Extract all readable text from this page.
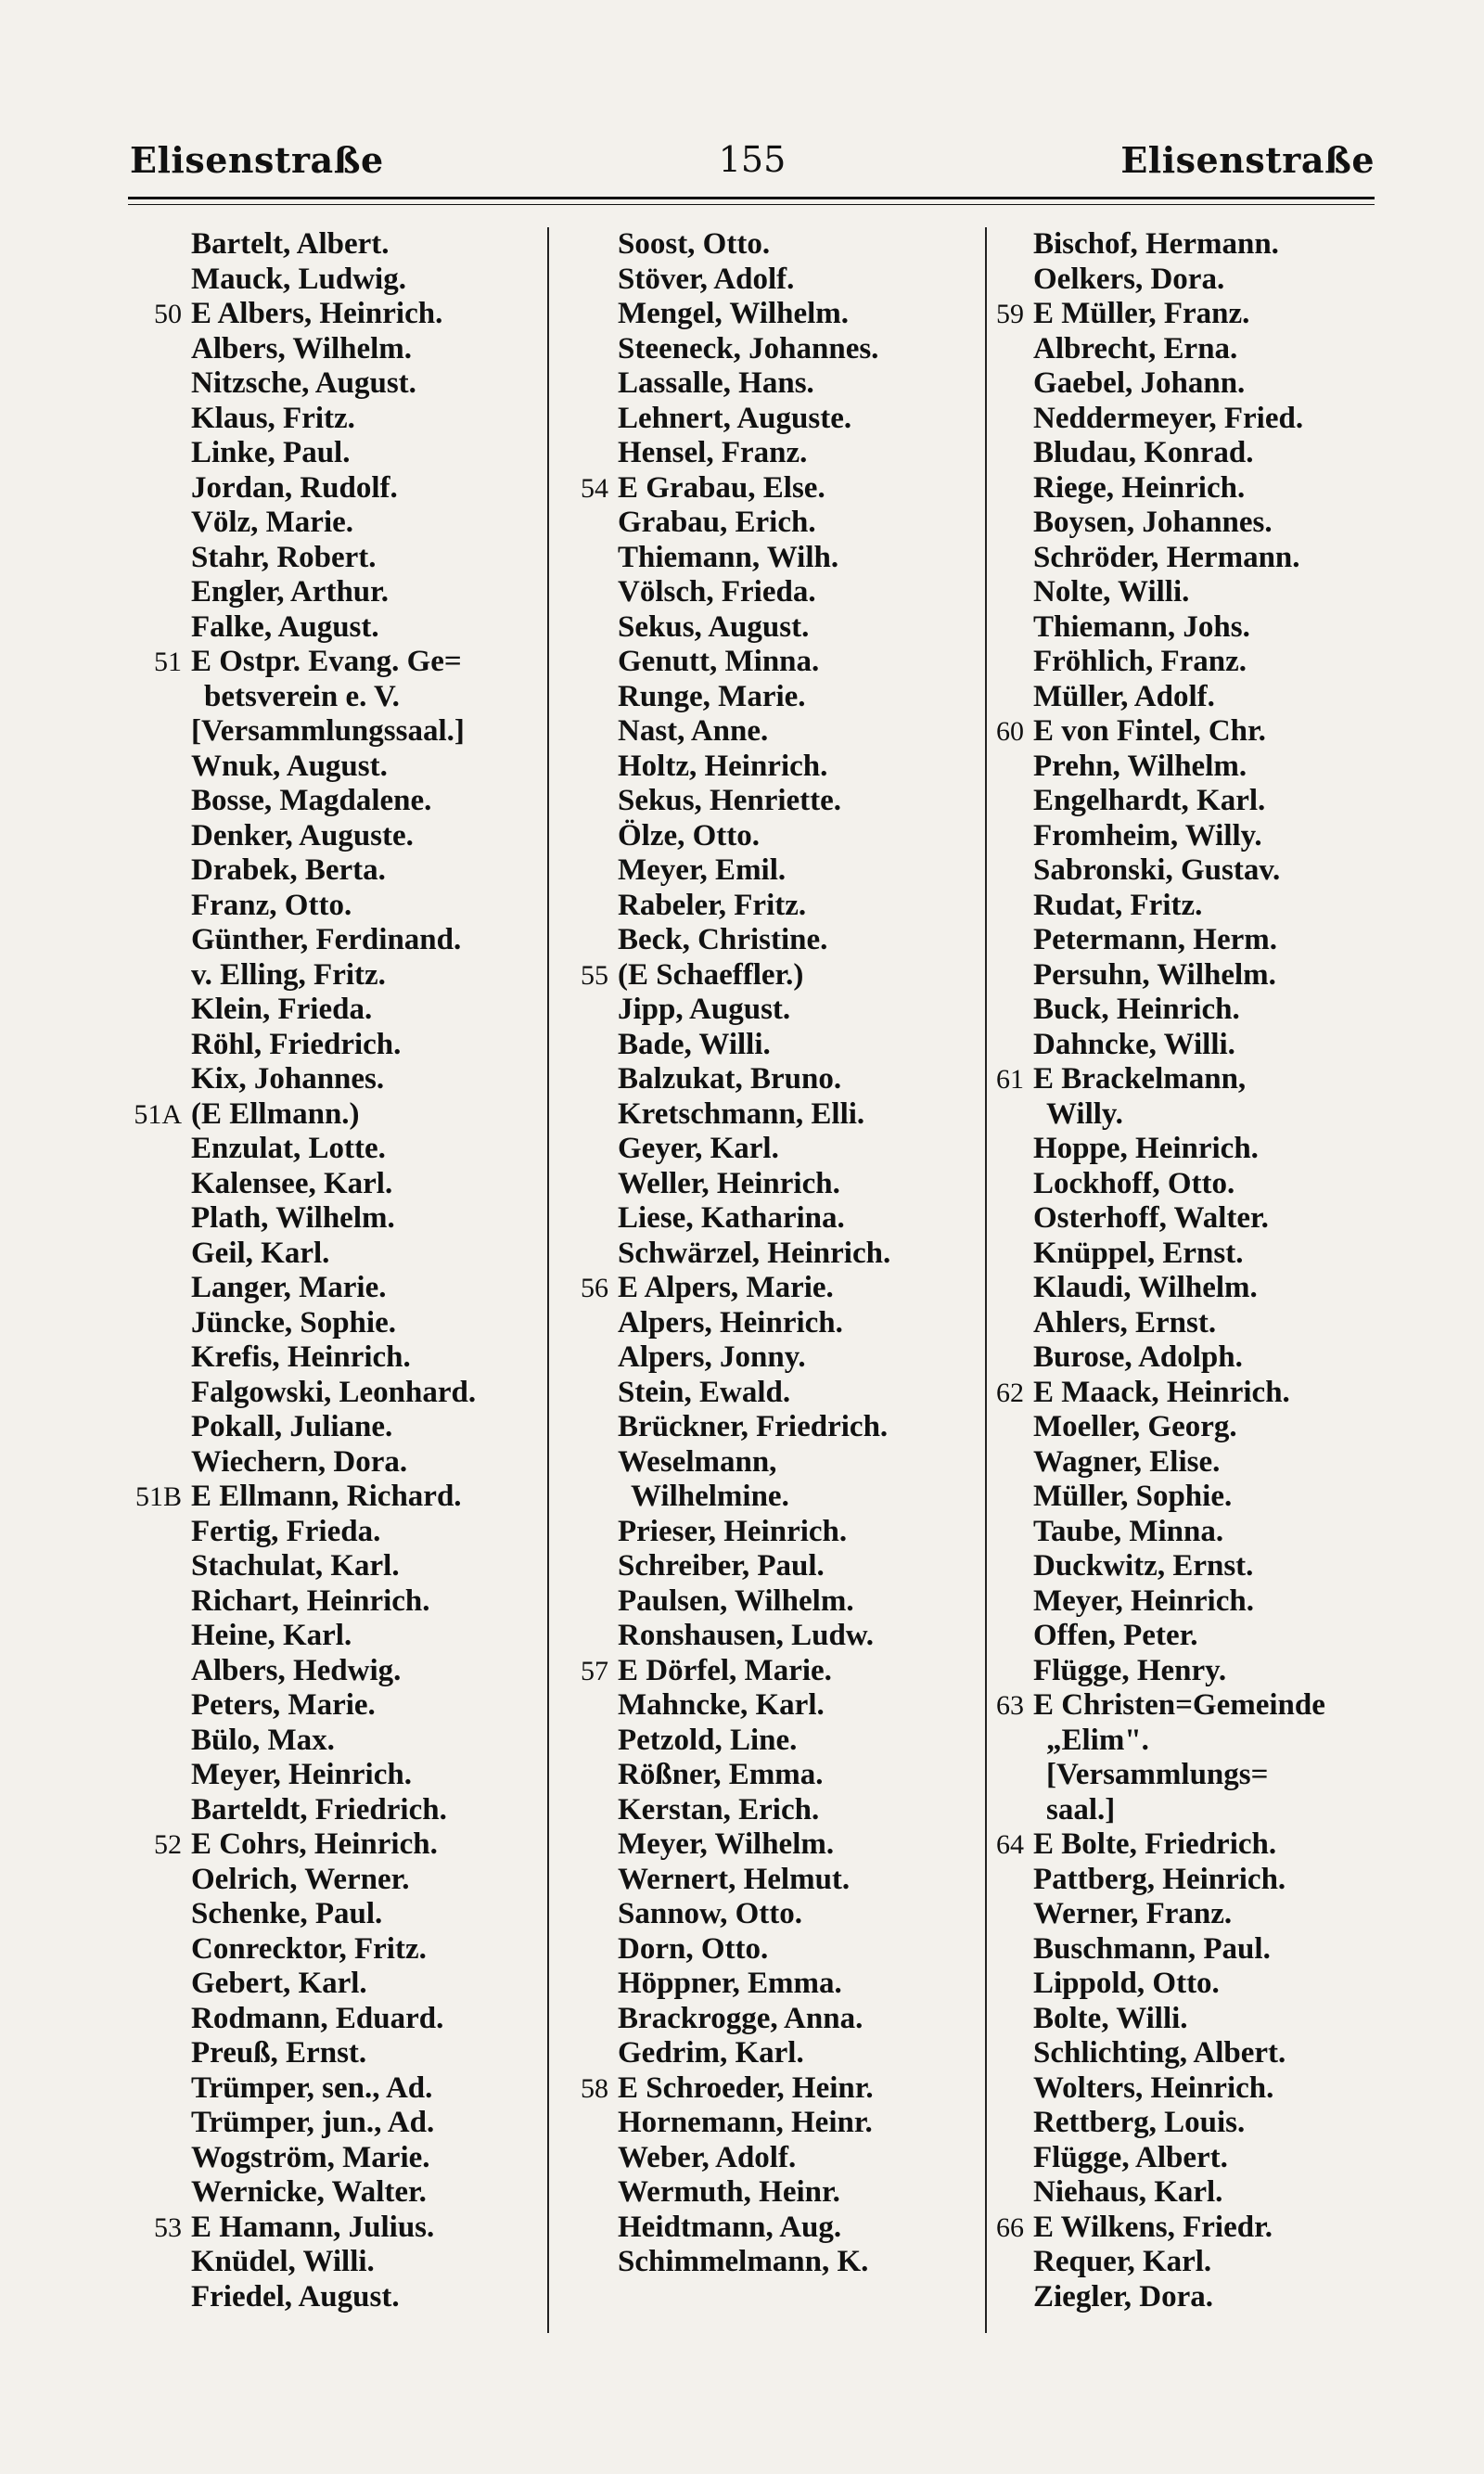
Elisenstraße	155	Elisenstraße
Bartelt, Albert.
Mauck, Ludwig.
50 E Albers, Heinrich.
Albers, Wilhelm.
Nitzsche, August.
Klaus, Fritz.
Linke, Paul.
Jordan, Rudolf.
Völz, Marie.
Stahr, Robert.
Engler, Arthur.
Falke, August.
51 E Ostpr. Evang. Ge=
betsverein e. V.
[Versammlungssaal.]
Wnuk, August.
Bosse, Magdalene.
Denker, Auguste.
Drabek, Berta.
Franz, Otto.
Günther, Ferdinand.
v. Elling, Fritz.
Klein, Frieda.
Röhl, Friedrich.
Kix, Johannes.
51A (E Ellmann.)
Enzulat, Lotte.
Kalensee, Karl.
Plath, Wilhelm.
Geil, Karl.
Langer, Marie.
Jüncke, Sophie.
Krefis, Heinrich.
Falgowski, Leonhard.
Pokall, Juliane.
Wiechern, Dora.
51B E Ellmann, Richard.
Fertig, Frieda.
Stachulat, Karl.
Richart, Heinrich.
Heine, Karl.
Albers, Hedwig.
Peters, Marie.
Bülo, Max.
Meyer, Heinrich.
Barteldt, Friedrich.
52 E Cohrs, Heinrich.
Oelrich, Werner.
Schenke, Paul.
Conrecktor, Fritz.
Gebert, Karl.
Rodmann, Eduard.
Preuß, Ernst.
Trümper, sen., Ad.
Trümper, jun., Ad.
Wogström, Marie.
Wernicke, Walter.
53 E Hamann, Julius.
Knüdel, Willi.
Friedel, August.
Soost, Otto.
Stöver, Adolf.
Mengel, Wilhelm.
Steeneck, Johannes.
Lassalle, Hans.
Lehnert, Auguste.
Hensel, Franz.
54 E Grabau, Else.
Grabau, Erich.
Thiemann, Wilh.
Völsch, Frieda.
Sekus, August.
Genutt, Minna.
Runge, Marie.
Nast, Anne.
Holtz, Heinrich.
Sekus, Henriette.
Ölze, Otto.
Meyer, Emil.
Rabeler, Fritz.
Beck, Christine.
55 (E Schaeffler.)
Jipp, August.
Bade, Willi.
Balzukat, Bruno.
Kretschmann, Elli.
Geyer, Karl.
Weller, Heinrich.
Liese, Katharina.
Schwärzel, Heinrich.
56 E Alpers, Marie.
Alpers, Heinrich.
Alpers, Jonny.
Stein, Ewald.
Brückner, Friedrich.
Weselmann,
Wilhelmine.
Prieser, Heinrich.
Schreiber, Paul.
Paulsen, Wilhelm.
Ronshausen, Ludw.
57 E Dörfel, Marie.
Mahncke, Karl.
Petzold, Line.
Rößner, Emma.
Kerstan, Erich.
Meyer, Wilhelm.
Wernert, Helmut.
Sannow, Otto.
Dorn, Otto.
Höppner, Emma.
Brackrogge, Anna.
Gedrim, Karl.
58 E Schroeder, Heinr.
Hornemann, Heinr.
Weber, Adolf.
Wermuth, Heinr.
Heidtmann, Aug.
Schimmelmann, K.
Bischof, Hermann.
Oelkers, Dora.
59 E Müller, Franz.
Albrecht, Erna.
Gaebel, Johann.
Neddermeyer, Fried.
Bludau, Konrad.
Riege, Heinrich.
Boysen, Johannes.
Schröder, Hermann.
Nolte, Willi.
Thiemann, Johs.
Fröhlich, Franz.
Müller, Adolf.
60 E von Fintel, Chr.
Prehn, Wilhelm.
Engelhardt, Karl.
Fromheim, Willy.
Sabronski, Gustav.
Rudat, Fritz.
Petermann, Herm.
Persuhn, Wilhelm.
Buck, Heinrich.
Dahncke, Willi.
61 E Brackelmann,
Willy.
Hoppe, Heinrich.
Lockhoff, Otto.
Osterhoff, Walter.
Knüppel, Ernst.
Klaudi, Wilhelm.
Ahlers, Ernst.
Burose, Adolph.
62 E Maack, Heinrich.
Moeller, Georg.
Wagner, Elise.
Müller, Sophie.
Taube, Minna.
Duckwitz, Ernst.
Meyer, Heinrich.
Offen, Peter.
Flügge, Henry.
63 E Christen=Gemeinde
„Elim".
[Versammlungs=
saal.]
64 E Bolte, Friedrich.
Pattberg, Heinrich.
Werner, Franz.
Buschmann, Paul.
Lippold, Otto.
Bolte, Willi.
Schlichting, Albert.
Wolters, Heinrich.
Rettberg, Louis.
Flügge, Albert.
Niehaus, Karl.
66 E Wilkens, Friedr.
Requer, Karl.
Ziegler, Dora.
